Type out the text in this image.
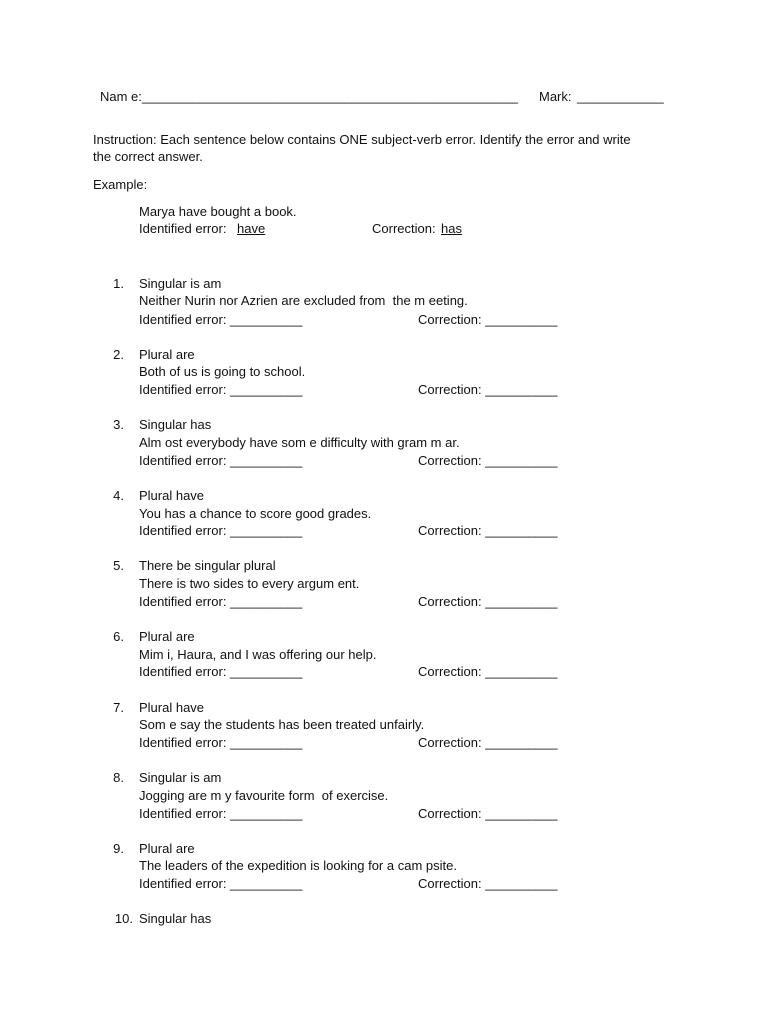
Nam e: ____________________________________________________ Mark: ____________
Instruction: Each sentence below contains ONE subject-verb error. Identify the error and write
the correct answer.
Example:
Marya have bought a book.
Identified error: have	Correction: has
1. Singular is am
Neither Nurin nor Azrien are excluded from  the m eeting.
Identified error: __________	Correction: __________
2. Plural are
Both of us is going to school.
Identified error: __________	Correction: __________
3. Singular has
Alm ost everybody have som e difficulty with gram m ar.
Identified error: __________	Correction: __________
4. Plural have
You has a chance to score good grades.
Identified error: __________	Correction: __________
5. There be singular plural
There is two sides to every argum ent.
Identified error: __________	Correction: __________
6. Plural are
Mim i, Haura, and I was offering our help.
Identified error: __________	Correction: __________
7. Plural have
Som e say the students has been treated unfairly.
Identified error: __________	Correction: __________
8. Singular is am
Jogging are m y favourite form  of exercise.
Identified error: __________	Correction: __________
9. Plural are
The leaders of the expedition is looking for a cam psite.
Identified error: __________	Correction: __________
10. Singular has
